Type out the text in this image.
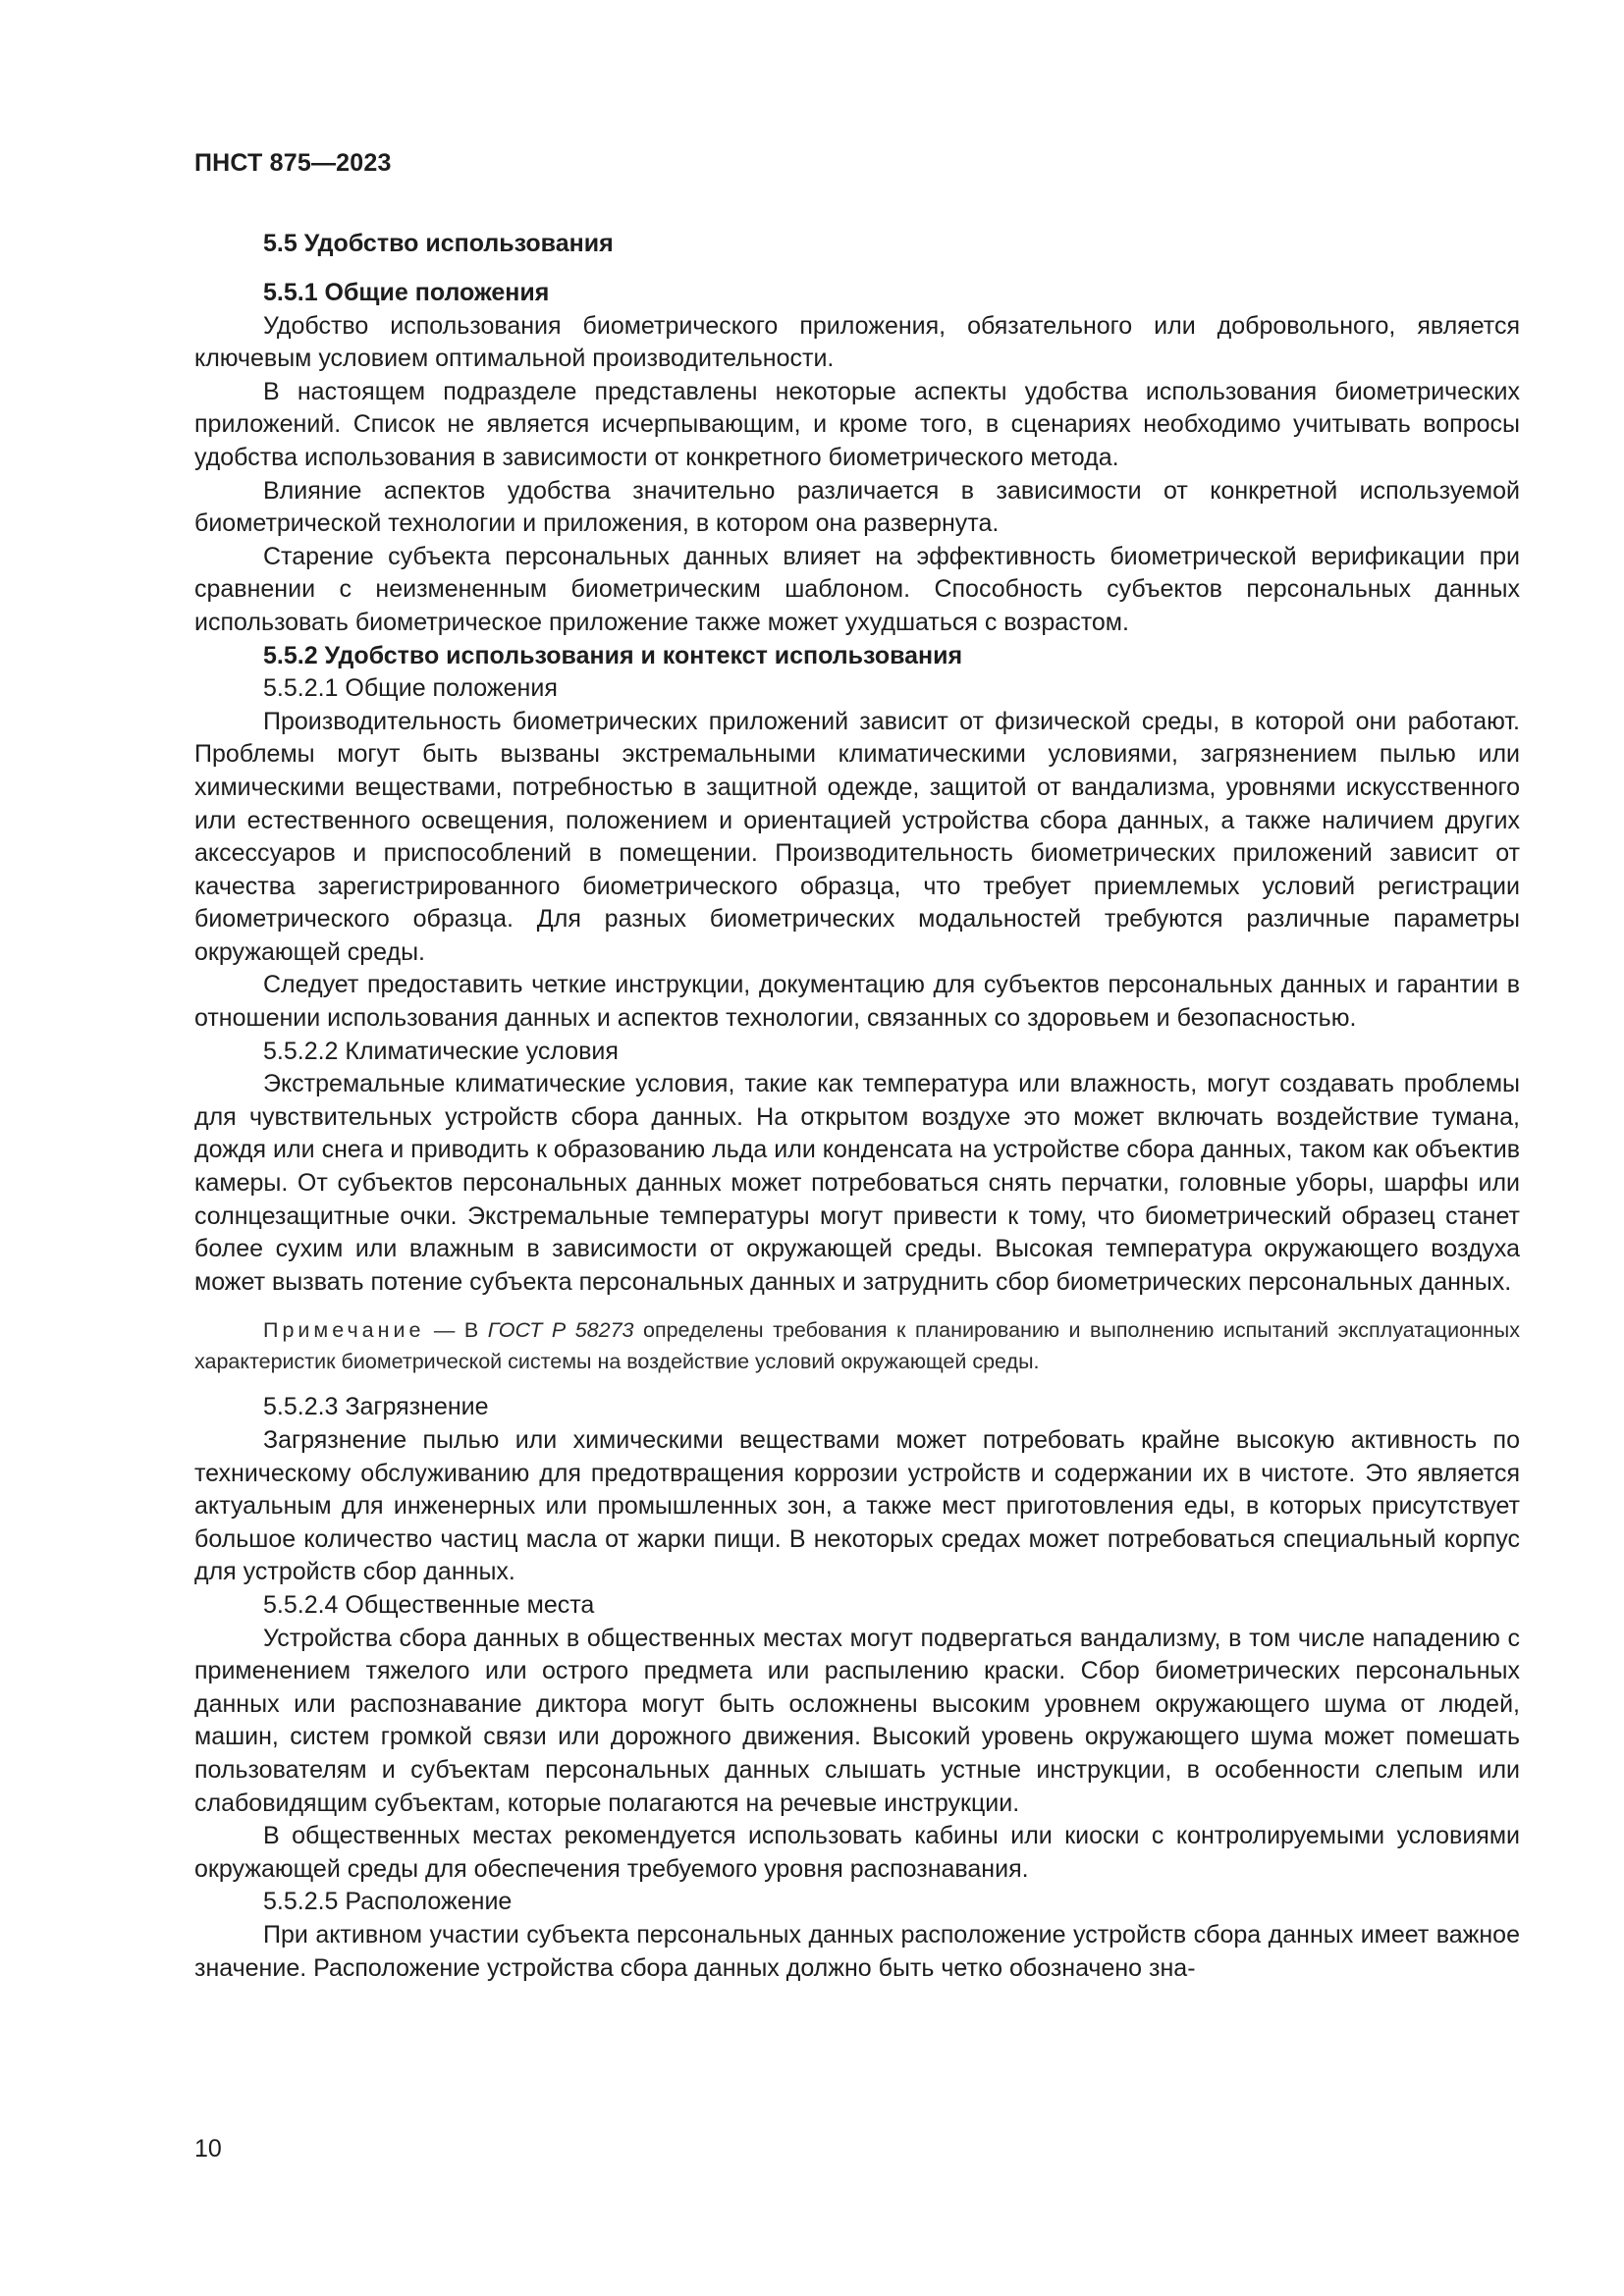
ПНСТ 875—2023

5.5 Удобство использования

5.5.1 Общие положения

Удобство использования биометрического приложения, обязательного или добровольного, является ключевым условием оптимальной производительности.

В настоящем подразделе представлены некоторые аспекты удобства использования биометрических приложений. Список не является исчерпывающим, и кроме того, в сценариях необходимо учитывать вопросы удобства использования в зависимости от конкретного биометрического метода.

Влияние аспектов удобства значительно различается в зависимости от конкретной используемой биометрической технологии и приложения, в котором она развернута.

Старение субъекта персональных данных влияет на эффективность биометрической верификации при сравнении с неизмененным биометрическим шаблоном. Способность субъектов персональных данных использовать биометрическое приложение также может ухудшаться с возрастом.

5.5.2 Удобство использования и контекст использования

5.5.2.1 Общие положения

Производительность биометрических приложений зависит от физической среды, в которой они работают. Проблемы могут быть вызваны экстремальными климатическими условиями, загрязнением пылью или химическими веществами, потребностью в защитной одежде, защитой от вандализма, уровнями искусственного или естественного освещения, положением и ориентацией устройства сбора данных, а также наличием других аксессуаров и приспособлений в помещении. Производительность биометрических приложений зависит от качества зарегистрированного биометрического образца, что требует приемлемых условий регистрации биометрического образца. Для разных биометрических модальностей требуются различные параметры окружающей среды.

Следует предоставить четкие инструкции, документацию для субъектов персональных данных и гарантии в отношении использования данных и аспектов технологии, связанных со здоровьем и безопасностью.

5.5.2.2 Климатические условия

Экстремальные климатические условия, такие как температура или влажность, могут создавать проблемы для чувствительных устройств сбора данных. На открытом воздухе это может включать воздействие тумана, дождя или снега и приводить к образованию льда или конденсата на устройстве сбора данных, таком как объектив камеры. От субъектов персональных данных может потребоваться снять перчатки, головные уборы, шарфы или солнцезащитные очки. Экстремальные температуры могут привести к тому, что биометрический образец станет более сухим или влажным в зависимости от окружающей среды. Высокая температура окружающего воздуха может вызвать потение субъекта персональных данных и затруднить сбор биометрических персональных данных.

Примечание — В ГОСТ Р 58273 определены требования к планированию и выполнению испытаний эксплуатационных характеристик биометрической системы на воздействие условий окружающей среды.

5.5.2.3 Загрязнение

Загрязнение пылью или химическими веществами может потребовать крайне высокую активность по техническому обслуживанию для предотвращения коррозии устройств и содержании их в чистоте. Это является актуальным для инженерных или промышленных зон, а также мест приготовления еды, в которых присутствует большое количество частиц масла от жарки пищи. В некоторых средах может потребоваться специальный корпус для устройств сбор данных.

5.5.2.4 Общественные места

Устройства сбора данных в общественных местах могут подвергаться вандализму, в том числе нападению с применением тяжелого или острого предмета или распылению краски. Сбор биометрических персональных данных или распознавание диктора могут быть осложнены высоким уровнем окружающего шума от людей, машин, систем громкой связи или дорожного движения. Высокий уровень окружающего шума может помешать пользователям и субъектам персональных данных слышать устные инструкции, в особенности слепым или слабовидящим субъектам, которые полагаются на речевые инструкции.

В общественных местах рекомендуется использовать кабины или киоски с контролируемыми условиями окружающей среды для обеспечения требуемого уровня распознавания.

5.5.2.5 Расположение

При активном участии субъекта персональных данных расположение устройств сбора данных имеет важное значение. Расположение устройства сбора данных должно быть четко обозначено зна-

10
